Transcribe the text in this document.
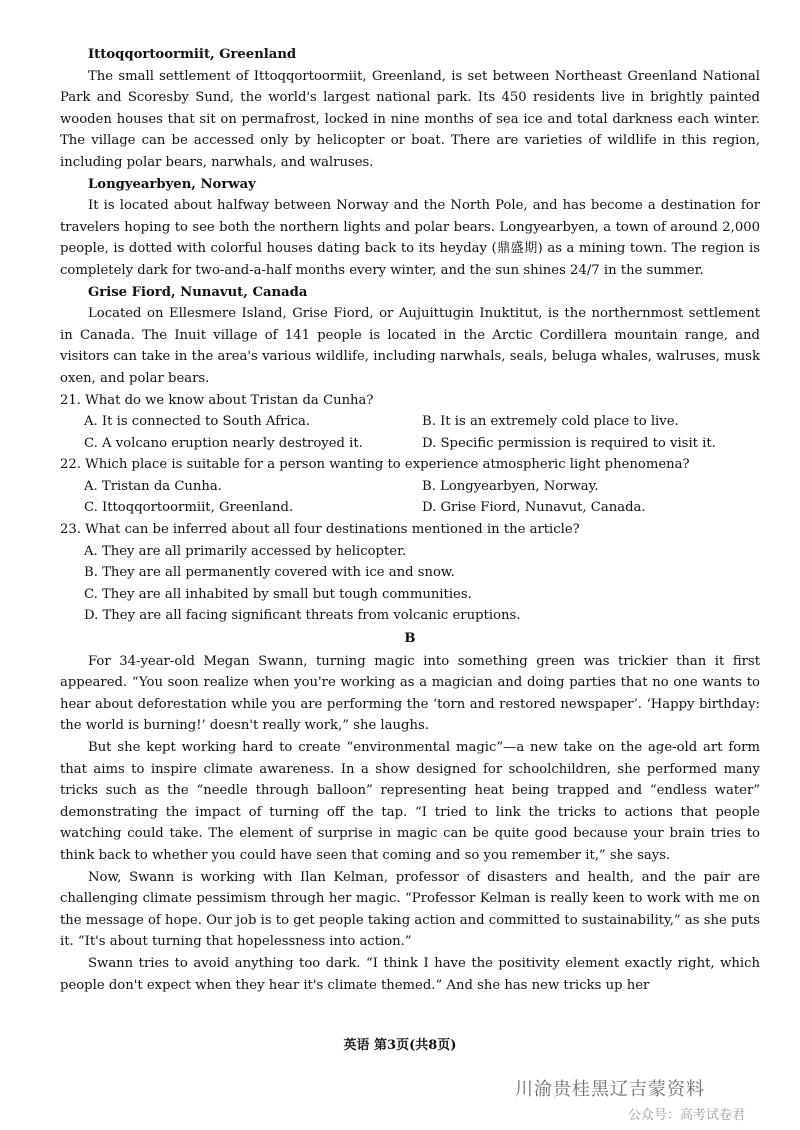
Ittoqqortoormiit, Greenland

The small settlement of Ittoqqortoormiit, Greenland, is set between Northeast Greenland National Park and Scoresby Sund, the world's largest national park. Its 450 residents live in brightly painted wooden houses that sit on permafrost, locked in nine months of sea ice and total darkness each winter. The village can be accessed only by helicopter or boat. There are varieties of wildlife in this region, including polar bears, narwhals, and walruses.

Longyearbyen, Norway

It is located about halfway between Norway and the North Pole, and has become a destination for travelers hoping to see both the northern lights and polar bears. Longyearbyen, a town of around 2,000 people, is dotted with colorful houses dating back to its heyday (鼎盛期) as a mining town. The region is completely dark for two-and-a-half months every winter, and the sun shines 24/7 in the summer.

Grise Fiord, Nunavut, Canada

Located on Ellesmere Island, Grise Fiord, or Aujuittugin Inuktitut, is the northernmost settlement in Canada. The Inuit village of 141 people is located in the Arctic Cordillera mountain range, and visitors can take in the area's various wildlife, including narwhals, seals, beluga whales, walruses, musk oxen, and polar bears.

21. What do we know about Tristan da Cunha?
A. It is connected to South Africa.	B. It is an extremely cold place to live.
C. A volcano eruption nearly destroyed it.	D. Specific permission is required to visit it.
22. Which place is suitable for a person wanting to experience atmospheric light phenomena?
A. Tristan da Cunha.	B. Longyearbyen, Norway.
C. Ittoqqortoormiit, Greenland.	D. Grise Fiord, Nunavut, Canada.
23. What can be inferred about all four destinations mentioned in the article?
A. They are all primarily accessed by helicopter.
B. They are all permanently covered with ice and snow.
C. They are all inhabited by small but tough communities.
D. They are all facing significant threats from volcanic eruptions.
B

For 34-year-old Megan Swann, turning magic into something green was trickier than it first appeared. “You soon realize when you're working as a magician and doing parties that no one wants to hear about deforestation while you are performing the ‘torn and restored newspaper’. ‘Happy birthday: the world is burning!’ doesn't really work,” she laughs.

But she kept working hard to create “environmental magic”—a new take on the age-old art form that aims to inspire climate awareness. In a show designed for schoolchildren, she performed many tricks such as the “needle through balloon” representing heat being trapped and “endless water” demonstrating the impact of turning off the tap. “I tried to link the tricks to actions that people watching could take. The element of surprise in magic can be quite good because your brain tries to think back to whether you could have seen that coming and so you remember it,” she says.

Now, Swann is working with Ilan Kelman, professor of disasters and health, and the pair are challenging climate pessimism through her magic. “Professor Kelman is really keen to work with me on the message of hope. Our job is to get people taking action and committed to sustainability,” as she puts it. “It's about turning that hopelessness into action.”

Swann tries to avoid anything too dark. “I think I have the positivity element exactly right, which people don't expect when they hear it's climate themed.” And she has new tricks up her

英语 第3页(共8页)
川渝贵桂黑辽吉蒙资料
公众号：高考试卷君
